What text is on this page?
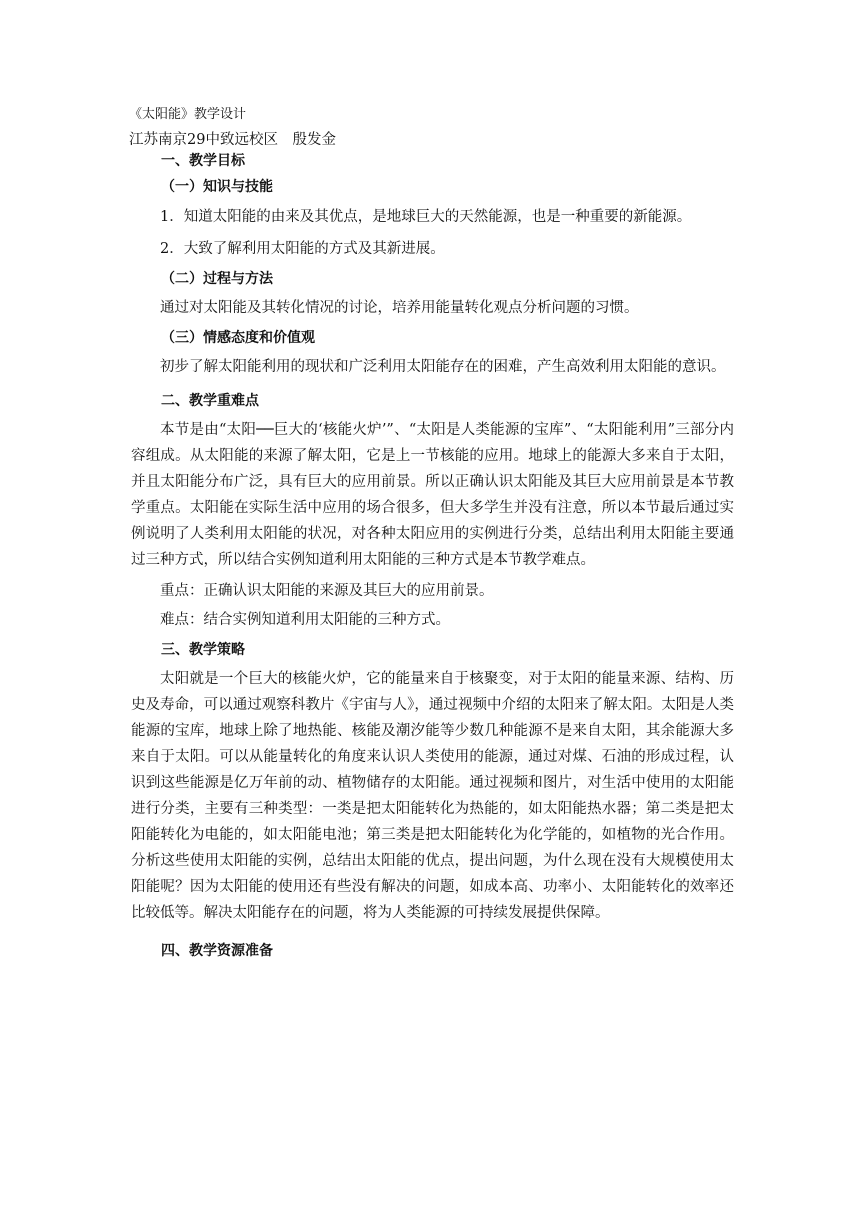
《太阳能》教学设计
江苏南京29中致远校区　殷发金
一、教学目标
（一）知识与技能

1．知道太阳能的由来及其优点，是地球巨大的天然能源，也是一种重要的新能源。

2．大致了解利用太阳能的方式及其新进展。

（二）过程与方法

通过对太阳能及其转化情况的讨论，培养用能量转化观点分析问题的习惯。

（三）情感态度和价值观

初步了解太阳能利用的现状和广泛利用太阳能存在的困难，产生高效利用太阳能的意识。

二、教学重难点

本节是由“太阳──巨大的‘核能火炉’”、“太阳是人类能源的宝库”、“太阳能利用”三部分内容组成。从太阳能的来源了解太阳，它是上一节核能的应用。地球上的能源大多来自于太阳，并且太阳能分布广泛，具有巨大的应用前景。所以正确认识太阳能及其巨大应用前景是本节教学重点。太阳能在实际生活中应用的场合很多，但大多学生并没有注意，所以本节最后通过实例说明了人类利用太阳能的状况，对各种太阳应用的实例进行分类，总结出利用太阳能主要通过三种方式，所以结合实例知道利用太阳能的三种方式是本节教学难点。

重点：正确认识太阳能的来源及其巨大的应用前景。

难点：结合实例知道利用太阳能的三种方式。

三、教学策略

太阳就是一个巨大的核能火炉，它的能量来自于核聚变，对于太阳的能量来源、结构、历史及寿命，可以通过观察科教片《宇宙与人》，通过视频中介绍的太阳来了解太阳。太阳是人类能源的宝库，地球上除了地热能、核能及潮汐能等少数几种能源不是来自太阳，其余能源大多来自于太阳。可以从能量转化的角度来认识人类使用的能源，通过对煤、石油的形成过程，认识到这些能源是亿万年前的动、植物储存的太阳能。通过视频和图片，对生活中使用的太阳能进行分类，主要有三种类型：一类是把太阳能转化为热能的，如太阳能热水器；第二类是把太阳能转化为电能的，如太阳能电池；第三类是把太阳能转化为化学能的，如植物的光合作用。分析这些使用太阳能的实例，总结出太阳能的优点，提出问题，为什么现在没有大规模使用太阳能呢？因为太阳能的使用还有些没有解决的问题，如成本高、功率小、太阳能转化的效率还比较低等。解决太阳能存在的问题，将为人类能源的可持续发展提供保障。

四、教学资源准备
